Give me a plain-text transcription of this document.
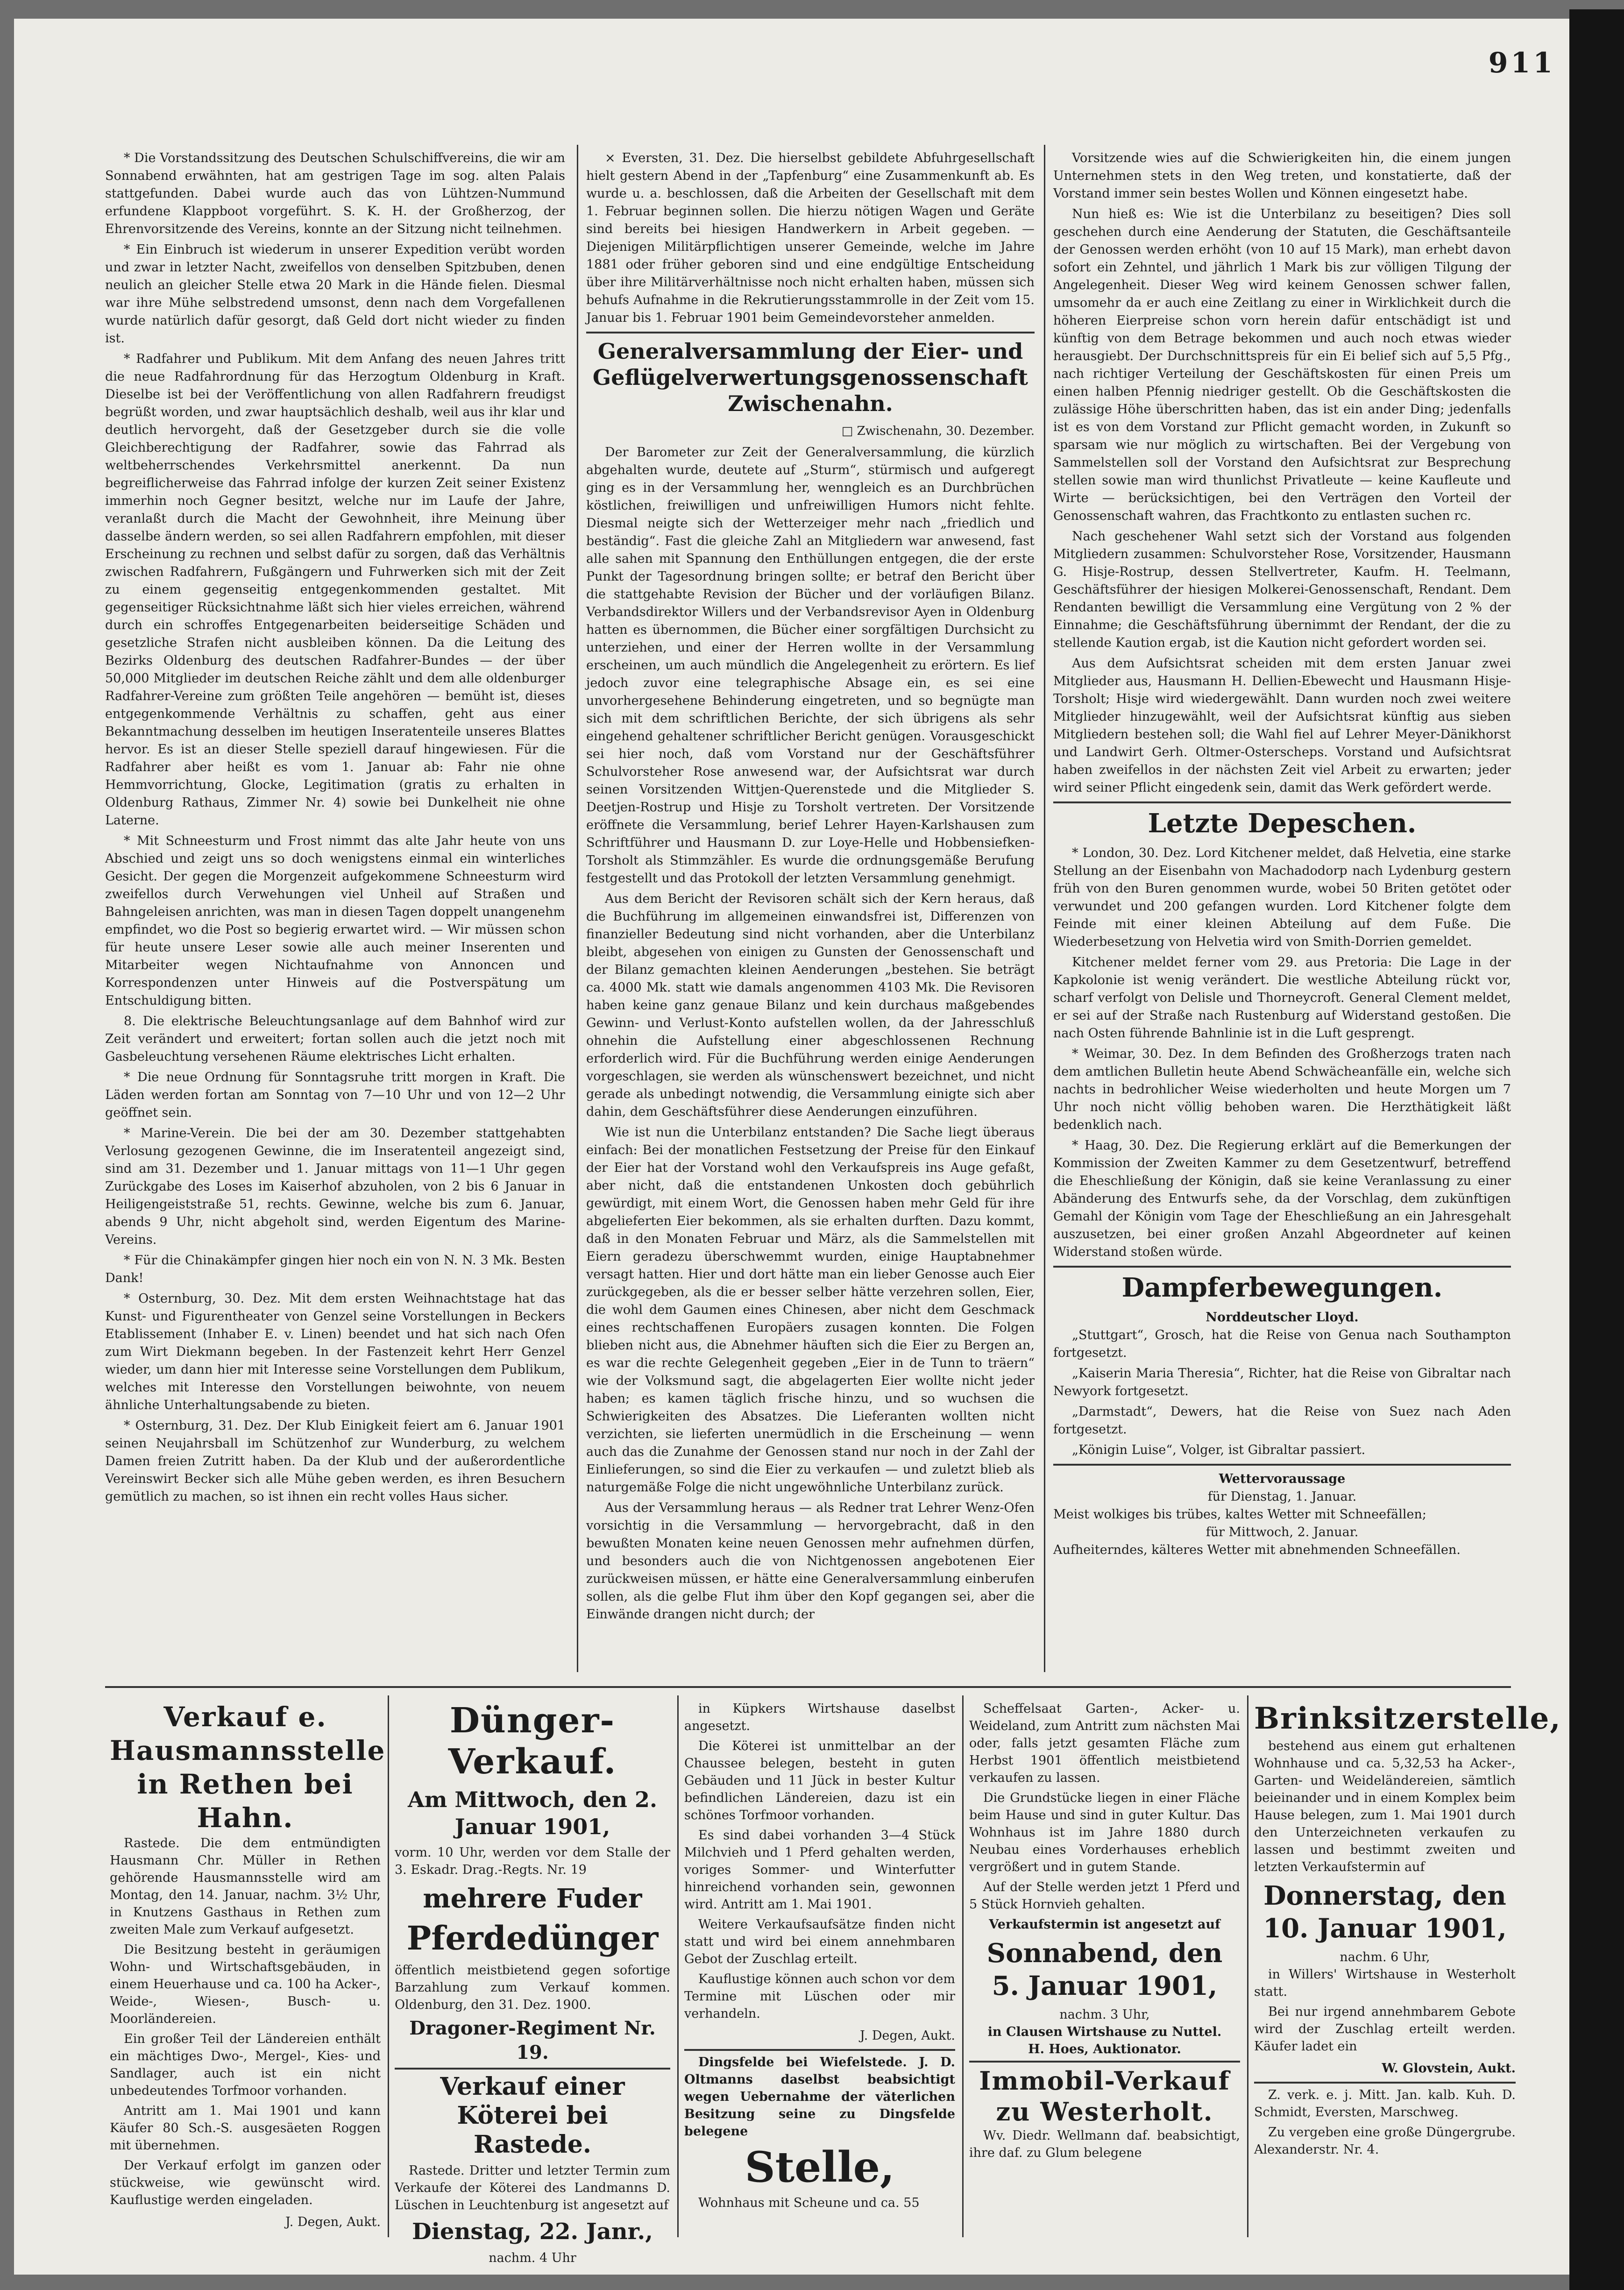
911

* Die Vorstandssitzung des Deutschen Schulschiffvereins, die wir am Sonnabend erwähnten, hat am gestrigen Tage im sog. alten Palais stattgefunden. Dabei wurde auch das von Lühtzen-Nummund erfundene Klappboot vorgeführt. S. K. H. der Großherzog, der Ehrenvorsitzende des Vereins, konnte an der Sitzung nicht teilnehmen.

* Ein Einbruch ist wiederum in unserer Expedition verübt worden und zwar in letzter Nacht, zweifellos von denselben Spitzbuben, denen neulich an gleicher Stelle etwa 20 Mark in die Hände fielen. Diesmal war ihre Mühe selbstredend umsonst, denn nach dem Vorgefallenen wurde natürlich dafür gesorgt, daß Geld dort nicht wieder zu finden ist.

* Radfahrer und Publikum. Mit dem Anfang des neuen Jahres tritt die neue Radfahrordnung für das Herzogtum Oldenburg in Kraft. Dieselbe ist bei der Veröffentlichung von allen Radfahrern freudigst begrüßt worden, und zwar hauptsächlich deshalb, weil aus ihr klar und deutlich hervorgeht, daß der Gesetzgeber durch sie die volle Gleichberechtigung der Radfahrer, sowie das Fahrrad als weltbeherrschendes Verkehrsmittel anerkennt. Da nun begreiflicherweise das Fahrrad infolge der kurzen Zeit seiner Existenz immerhin noch Gegner besitzt, welche nur im Laufe der Jahre, veranlaßt durch die Macht der Gewohnheit, ihre Meinung über dasselbe ändern werden, so sei allen Radfahrern empfohlen, mit dieser Erscheinung zu rechnen und selbst dafür zu sorgen, daß das Verhältnis zwischen Radfahrern, Fußgängern und Fuhrwerken sich mit der Zeit zu einem gegenseitig entgegenkommenden gestaltet. Mit gegenseitiger Rücksichtnahme läßt sich hier vieles erreichen, während durch ein schroffes Entgegenarbeiten beiderseitige Schäden und gesetzliche Strafen nicht ausbleiben können. Da die Leitung des Bezirks Oldenburg des deutschen Radfahrer-Bundes — der über 50,000 Mitglieder im deutschen Reiche zählt und dem alle oldenburger Radfahrer-Vereine zum größten Teile angehören — bemüht ist, dieses entgegenkommende Verhältnis zu schaffen, geht aus einer Bekanntmachung desselben im heutigen Inseratenteile unseres Blattes hervor. Es ist an dieser Stelle speziell darauf hingewiesen. Für die Radfahrer aber heißt es vom 1. Januar ab: Fahr nie ohne Hemmvorrichtung, Glocke, Legitimation (gratis zu erhalten in Oldenburg Rathaus, Zimmer Nr. 4) sowie bei Dunkelheit nie ohne Laterne.

* Mit Schneesturm und Frost nimmt das alte Jahr heute von uns Abschied und zeigt uns so doch wenigstens einmal ein winterliches Gesicht. Der gegen die Morgenzeit aufgekommene Schneesturm wird zweifellos durch Verwehungen viel Unheil auf Straßen und Bahngeleisen anrichten, was man in diesen Tagen doppelt unangenehm empfindet, wo die Post so begierig erwartet wird. — Wir müssen schon für heute unsere Leser sowie alle auch meiner Inserenten und Mitarbeiter wegen Nichtaufnahme von Annoncen und Korrespondenzen unter Hinweis auf die Postverspätung um Entschuldigung bitten.

8. Die elektrische Beleuchtungsanlage auf dem Bahnhof wird zur Zeit verändert und erweitert; fortan sollen auch die jetzt noch mit Gasbeleuchtung versehenen Räume elektrisches Licht erhalten.

* Die neue Ordnung für Sonntagsruhe tritt morgen in Kraft. Die Läden werden fortan am Sonntag von 7—10 Uhr und von 12—2 Uhr geöffnet sein.

* Marine-Verein. Die bei der am 30. Dezember stattgehabten Verlosung gezogenen Gewinne, die im Inseratenteil angezeigt sind, sind am 31. Dezember und 1. Januar mittags von 11—1 Uhr gegen Zurückgabe des Loses im Kaiserhof abzuholen, von 2 bis 6 Januar in Heiligengeiststraße 51, rechts. Gewinne, welche bis zum 6. Januar, abends 9 Uhr, nicht abgeholt sind, werden Eigentum des Marine-Vereins.

* Für die Chinakämpfer gingen hier noch ein von N. N. 3 Mk. Besten Dank!

* Osternburg, 30. Dez. Mit dem ersten Weihnachtstage hat das Kunst- und Figurentheater von Genzel seine Vorstellungen in Beckers Etablissement (Inhaber E. v. Linen) beendet und hat sich nach Ofen zum Wirt Diekmann begeben. In der Fastenzeit kehrt Herr Genzel wieder, um dann hier mit Interesse seine Vorstellungen dem Publikum, welches mit Interesse den Vorstellungen beiwohnte, von neuem ähnliche Unterhaltungsabende zu bieten.

* Osternburg, 31. Dez. Der Klub Einigkeit feiert am 6. Januar 1901 seinen Neujahrsball im Schützenhof zur Wunderburg, zu welchem Damen freien Zutritt haben. Da der Klub und der außerordentliche Vereinswirt Becker sich alle Mühe geben werden, es ihren Besuchern gemütlich zu machen, so ist ihnen ein recht volles Haus sicher.

× Eversten, 31. Dez. Die hierselbst gebildete Abfuhrgesellschaft hielt gestern Abend in der „Tapfenburg“ eine Zusammenkunft ab. Es wurde u. a. beschlossen, daß die Arbeiten der Gesellschaft mit dem 1. Februar beginnen sollen. Die hierzu nötigen Wagen und Geräte sind bereits bei hiesigen Handwerkern in Arbeit gegeben. — Diejenigen Militärpflichtigen unserer Gemeinde, welche im Jahre 1881 oder früher geboren sind und eine endgültige Entscheidung über ihre Militärverhältnisse noch nicht erhalten haben, müssen sich behufs Aufnahme in die Rekrutierungsstammrolle in der Zeit vom 15. Januar bis 1. Februar 1901 beim Gemeindevorsteher anmelden.

Generalversammlung der Eier- und Geflügelverwertungsgenossenschaft Zwischenahn.
□ Zwischenahn, 30. Dezember.

Der Barometer zur Zeit der Generalversammlung, die kürzlich abgehalten wurde, deutete auf „Sturm“, stürmisch und aufgeregt ging es in der Versammlung her, wenngleich es an Durchbrüchen köstlichen, freiwilligen und unfreiwilligen Humors nicht fehlte. Diesmal neigte sich der Wetterzeiger mehr nach „friedlich und beständig“. Fast die gleiche Zahl an Mitgliedern war anwesend, fast alle sahen mit Spannung den Enthüllungen entgegen, die der erste Punkt der Tagesordnung bringen sollte; er betraf den Bericht über die stattgehabte Revision der Bücher und der vorläufigen Bilanz. Verbandsdirektor Willers und der Verbandsrevisor Ayen in Oldenburg hatten es übernommen, die Bücher einer sorgfältigen Durchsicht zu unterziehen, und einer der Herren wollte in der Versammlung erscheinen, um auch mündlich die Angelegenheit zu erörtern. Es lief jedoch zuvor eine telegraphische Absage ein, es sei eine unvorhergesehene Behinderung eingetreten, und so begnügte man sich mit dem schriftlichen Berichte, der sich übrigens als sehr eingehend gehaltener schriftlicher Bericht genügen. Vorausgeschickt sei hier noch, daß vom Vorstand nur der Geschäftsführer Schulvorsteher Rose anwesend war, der Aufsichtsrat war durch seinen Vorsitzenden Wittjen-Querenstede und die Mitglieder S. Deetjen-Rostrup und Hisje zu Torsholt vertreten. Der Vorsitzende eröffnete die Versammlung, berief Lehrer Hayen-Karlshausen zum Schriftführer und Hausmann D. zur Loye-Helle und Hobbensiefken-Torsholt als Stimmzähler. Es wurde die ordnungsgemäße Berufung festgestellt und das Protokoll der letzten Versammlung genehmigt.

Aus dem Bericht der Revisoren schält sich der Kern heraus, daß die Buchführung im allgemeinen einwandsfrei ist, Differenzen von finanzieller Bedeutung sind nicht vorhanden, aber die Unterbilanz bleibt, abgesehen von einigen zu Gunsten der Genossenschaft und der Bilanz gemachten kleinen Aenderungen „bestehen. Sie beträgt ca. 4000 Mk. statt wie damals angenommen 4103 Mk. Die Revisoren haben keine ganz genaue Bilanz und kein durchaus maßgebendes Gewinn- und Verlust-Konto aufstellen wollen, da der Jahresschluß ohnehin die Aufstellung einer abgeschlossenen Rechnung erforderlich wird. Für die Buchführung werden einige Aenderungen vorgeschlagen, sie werden als wünschenswert bezeichnet, und nicht gerade als unbedingt notwendig, die Versammlung einigte sich aber dahin, dem Geschäftsführer diese Aenderungen einzuführen.

Wie ist nun die Unterbilanz entstanden? Die Sache liegt überaus einfach: Bei der monatlichen Festsetzung der Preise für den Einkauf der Eier hat der Vorstand wohl den Verkaufspreis ins Auge gefaßt, aber nicht, daß die entstandenen Unkosten doch gebührlich gewürdigt, mit einem Wort, die Genossen haben mehr Geld für ihre abgelieferten Eier bekommen, als sie erhalten durften. Dazu kommt, daß in den Monaten Februar und März, als die Sammelstellen mit Eiern geradezu überschwemmt wurden, einige Hauptabnehmer versagt hatten. Hier und dort hätte man ein lieber Genosse auch Eier zurückgegeben, als die er besser selber hätte verzehren sollen, Eier, die wohl dem Gaumen eines Chinesen, aber nicht dem Geschmack eines rechtschaffenen Europäers zusagen konnten. Die Folgen blieben nicht aus, die Abnehmer häuften sich die Eier zu Bergen an, es war die rechte Gelegenheit gegeben „Eier in de Tunn to träern“ wie der Volksmund sagt, die abgelagerten Eier wollte nicht jeder haben; es kamen täglich frische hinzu, und so wuchsen die Schwierigkeiten des Absatzes. Die Lieferanten wollten nicht verzichten, sie lieferten unermüdlich in die Erscheinung — wenn auch das die Zunahme der Genossen stand nur noch in der Zahl der Einlieferungen, so sind die Eier zu verkaufen — und zuletzt blieb als naturgemäße Folge die nicht ungewöhnliche Unterbilanz zurück.

Aus der Versammlung heraus — als Redner trat Lehrer Wenz-Ofen vorsichtig in die Versammlung — hervorgebracht, daß in den bewußten Monaten keine neuen Genossen mehr aufnehmen dürfen, und besonders auch die von Nichtgenossen angebotenen Eier zurückweisen müssen, er hätte eine Generalversammlung einberufen sollen, als die gelbe Flut ihm über den Kopf gegangen sei, aber die Einwände drangen nicht durch; der

Vorsitzende wies auf die Schwierigkeiten hin, die einem jungen Unternehmen stets in den Weg treten, und konstatierte, daß der Vorstand immer sein bestes Wollen und Können eingesetzt habe.

Nun hieß es: Wie ist die Unterbilanz zu beseitigen? Dies soll geschehen durch eine Aenderung der Statuten, die Geschäftsanteile der Genossen werden erhöht (von 10 auf 15 Mark), man erhebt davon sofort ein Zehntel, und jährlich 1 Mark bis zur völligen Tilgung der Angelegenheit. Dieser Weg wird keinem Genossen schwer fallen, umsomehr da er auch eine Zeitlang zu einer in Wirklichkeit durch die höheren Eierpreise schon vorn herein dafür entschädigt ist und künftig von dem Betrage bekommen und auch noch etwas wieder herausgiebt. Der Durchschnittspreis für ein Ei belief sich auf 5,5 Pfg., nach richtiger Verteilung der Geschäftskosten für einen Preis um einen halben Pfennig niedriger gestellt. Ob die Geschäftskosten die zulässige Höhe überschritten haben, das ist ein ander Ding; jedenfalls ist es von dem Vorstand zur Pflicht gemacht worden, in Zukunft so sparsam wie nur möglich zu wirtschaften. Bei der Vergebung von Sammelstellen soll der Vorstand den Aufsichtsrat zur Besprechung stellen sowie man wird thunlichst Privatleute — keine Kaufleute und Wirte — berücksichtigen, bei den Verträgen den Vorteil der Genossenschaft wahren, das Frachtkonto zu entlasten suchen rc.

Nach geschehener Wahl setzt sich der Vorstand aus folgenden Mitgliedern zusammen: Schulvorsteher Rose, Vorsitzender, Hausmann G. Hisje-Rostrup, dessen Stellvertreter, Kaufm. H. Teelmann, Geschäftsführer der hiesigen Molkerei-Genossenschaft, Rendant. Dem Rendanten bewilligt die Versammlung eine Vergütung von 2 % der Einnahme; die Geschäftsführung übernimmt der Rendant, der die zu stellende Kaution ergab, ist die Kaution nicht gefordert worden sei.

Aus dem Aufsichtsrat scheiden mit dem ersten Januar zwei Mitglieder aus, Hausmann H. Dellien-Ebewecht und Hausmann Hisje-Torsholt; Hisje wird wiedergewählt. Dann wurden noch zwei weitere Mitglieder hinzugewählt, weil der Aufsichtsrat künftig aus sieben Mitgliedern bestehen soll; die Wahl fiel auf Lehrer Meyer-Dänikhorst und Landwirt Gerh. Oltmer-Osterscheps. Vorstand und Aufsichtsrat haben zweifellos in der nächsten Zeit viel Arbeit zu erwarten; jeder wird seiner Pflicht eingedenk sein, damit das Werk gefördert werde.

Letzte Depeschen.

* London, 30. Dez. Lord Kitchener meldet, daß Helvetia, eine starke Stellung an der Eisenbahn von Machadodorp nach Lydenburg gestern früh von den Buren genommen wurde, wobei 50 Briten getötet oder verwundet und 200 gefangen wurden. Lord Kitchener folgte dem Feinde mit einer kleinen Abteilung auf dem Fuße. Die Wiederbesetzung von Helvetia wird von Smith-Dorrien gemeldet.

Kitchener meldet ferner vom 29. aus Pretoria: Die Lage in der Kapkolonie ist wenig verändert. Die westliche Abteilung rückt vor, scharf verfolgt von Delisle und Thorneycroft. General Clement meldet, er sei auf der Straße nach Rustenburg auf Widerstand gestoßen. Die nach Osten führende Bahnlinie ist in die Luft gesprengt.

* Weimar, 30. Dez. In dem Befinden des Großherzogs traten nach dem amtlichen Bulletin heute Abend Schwächeanfälle ein, welche sich nachts in bedrohlicher Weise wiederholten und heute Morgen um 7 Uhr noch nicht völlig behoben waren. Die Herzthätigkeit läßt bedenklich nach.

* Haag, 30. Dez. Die Regierung erklärt auf die Bemerkungen der Kommission der Zweiten Kammer zu dem Gesetzentwurf, betreffend die Eheschließung der Königin, daß sie keine Veranlassung zu einer Abänderung des Entwurfs sehe, da der Vorschlag, dem zukünftigen Gemahl der Königin vom Tage der Eheschließung an ein Jahresgehalt auszusetzen, bei einer großen Anzahl Abgeordneter auf keinen Widerstand stoßen würde.

Dampferbewegungen.
Norddeutscher Lloyd.

„Stuttgart“, Grosch, hat die Reise von Genua nach Southampton fortgesetzt.

„Kaiserin Maria Theresia“, Richter, hat die Reise von Gibraltar nach Newyork fortgesetzt.

„Darmstadt“, Dewers, hat die Reise von Suez nach Aden fortgesetzt.

„Königin Luise“, Volger, ist Gibraltar passiert.

Wettervoraussage
für Dienstag, 1. Januar.
Meist wolkiges bis trübes, kaltes Wetter mit Schneefällen;
für Mittwoch, 2. Januar.
Aufheiterndes, kälteres Wetter mit abnehmenden Schneefällen.
Verkauf e. Hausmannsstelle in Rethen bei Hahn.

Rastede. Die dem entmündigten Hausmann Chr. Müller in Rethen gehörende Hausmannsstelle wird am Montag, den 14. Januar, nachm. 3½ Uhr, in Knutzens Gasthaus in Rethen zum zweiten Male zum Verkauf aufgesetzt.

Die Besitzung besteht in geräumigen Wohn- und Wirtschaftsgebäuden, in einem Heuerhause und ca. 100 ha Acker-, Weide-, Wiesen-, Busch- u. Moorländereien.

Ein großer Teil der Ländereien enthält ein mächtiges Dwo-, Mergel-, Kies- und Sandlager, auch ist ein nicht unbedeutendes Torfmoor vorhanden.

Antritt am 1. Mai 1901 und kann Käufer 80 Sch.-S. ausgesäeten Roggen mit übernehmen.

Der Verkauf erfolgt im ganzen oder stückweise, wie gewünscht wird. Kauflustige werden eingeladen.

J. Degen, Aukt.
Dünger-Verkauf.
Am Mittwoch, den 2. Januar 1901,

vorm. 10 Uhr, werden vor dem Stalle der 3. Eskadr. Drag.-Regts. Nr. 19

mehrere Fuder
Pferdedünger

öffentlich meistbietend gegen sofortige Barzahlung zum Verkauf kommen. Oldenburg, den 31. Dez. 1900.

Dragoner-Regiment Nr. 19.
Verkauf einer Köterei bei Rastede.

Rastede. Dritter und letzter Termin zum Verkaufe der Köterei des Landmanns D. Lüschen in Leuchtenburg ist angesetzt auf

Dienstag, 22. Janr.,
nachm. 4 Uhr

in Küpkers Wirtshause daselbst angesetzt.

Die Köterei ist unmittelbar an der Chaussee belegen, besteht in guten Gebäuden und 11 Jück in bester Kultur befindlichen Ländereien, dazu ist ein schönes Torfmoor vorhanden.

Es sind dabei vorhanden 3—4 Stück Milchvieh und 1 Pferd gehalten werden, voriges Sommer- und Winterfutter hinreichend vorhanden sein, gewonnen wird. Antritt am 1. Mai 1901.

Weitere Verkaufsaufsätze finden nicht statt und wird bei einem annehmbaren Gebot der Zuschlag erteilt.

Kauflustige können auch schon vor dem Termine mit Lüschen oder mir verhandeln.

J. Degen, Aukt.

Dingsfelde bei Wiefelstede. J. D. Oltmanns daselbst beabsichtigt wegen Uebernahme der väterlichen Besitzung seine zu Dingsfelde belegene

Stelle,

Wohnhaus mit Scheune und ca. 55

Scheffelsaat Garten-, Acker- u. Weideland, zum Antritt zum nächsten Mai oder, falls jetzt gesamten Fläche zum Herbst 1901 öffentlich meistbietend verkaufen zu lassen.

Die Grundstücke liegen in einer Fläche beim Hause und sind in guter Kultur. Das Wohnhaus ist im Jahre 1880 durch Neubau eines Vorderhauses erheblich vergrößert und in gutem Stande.

Auf der Stelle werden jetzt 1 Pferd und 5 Stück Hornvieh gehalten.

Verkaufstermin ist angesetzt auf
Sonnabend, den 5. Januar 1901,
nachm. 3 Uhr,
in Clausen Wirtshause zu Nuttel.
H. Hoes, Auktionator.
Immobil-Verkauf zu Westerholt.

Wv. Diedr. Wellmann daf. beabsichtigt, ihre daf. zu Glum belegene

Brinksitzerstelle,

bestehend aus einem gut erhaltenen Wohnhause und ca. 5,32,53 ha Acker-, Garten- und Weideländereien, sämtlich beieinander und in einem Komplex beim Hause belegen, zum 1. Mai 1901 durch den Unterzeichneten verkaufen zu lassen und bestimmt zweiten und letzten Verkaufstermin auf

Donnerstag, den 10. Januar 1901,
nachm. 6 Uhr,

in Willers' Wirtshause in Westerholt statt.

Bei nur irgend annehmbarem Gebote wird der Zuschlag erteilt werden. Käufer ladet ein

W. Glovstein, Aukt.

Z. verk. e. j. Mitt. Jan. kalb. Kuh. D. Schmidt, Eversten, Marschweg.

Zu vergeben eine große Düngergrube. Alexanderstr. Nr. 4.
